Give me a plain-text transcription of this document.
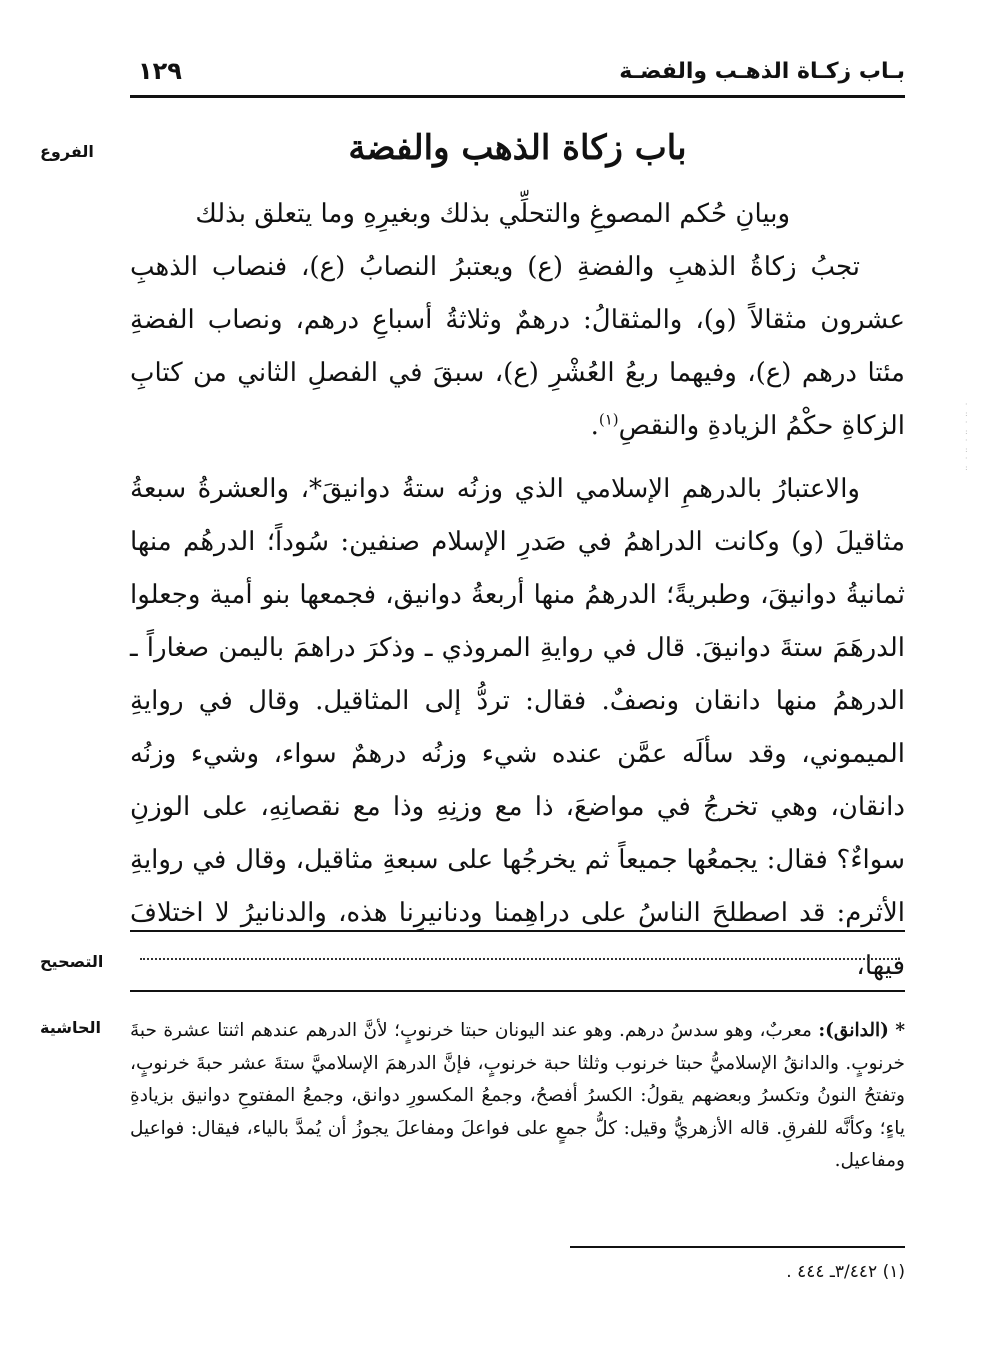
بـاب زكـاة الذهـب والفضـة
١٢٩
الفروع	باب زكاة الذهب والفضة

وبيانِ حُكم المصوغِ والتحلِّي بذلك وبغيرِهِ وما يتعلق بذلك

تجبُ زكاةُ الذهبِ والفضةِ (ع) ويعتبرُ النصابُ (ع)، فنصاب الذهبِ عشرون مثقالاً (و)، والمثقالُ: درهمٌ وثلاثةُ أسباعِ درهم، ونصاب الفضةِ مئتا درهم (ع)، وفيهما ربعُ العُشْرِ (ع)، سبقَ في الفصلِ الثاني من كتابِ الزكاةِ حكْمُ الزيادةِ والنقصِ$^{(١)}$.

والاعتبارُ بالدرهمِ الإسلامي الذي وزنُه ستةُ دوانيقَ*، والعشرةُ سبعةُ مثاقيلَ (و) وكانت الدراهمُ في صَدرِ الإسلام صنفين: سُوداً؛ الدرهُم منها ثمانيةُ دوانيقَ، وطبريةً؛ الدرهمُ منها أربعةُ دوانيق، فجمعها بنو أمية وجعلوا الدرهَمَ ستةَ دوانيقَ. قال في روايةِ المروذي ـ وذكرَ دراهمَ باليمن صغاراً ـ الدرهمُ منها دانقان ونصفٌ. فقال: تردُّ إلى المثاقيل. وقال في روايةِ الميموني، وقد سألَه عمَّن عنده شيء وزنُه درهمٌ سواء، وشيء وزنُه دانقان، وهي تخرجُ في مواضعَ، ذا مع وزنِهِ وذا مع نقصانِهِ، على الوزنِ سواءٌ؟ فقال: يجمعُها جميعاً ثم يخرجُها على سبعةِ مثاقيل، وقال في روايةِ الأثرم: قد اصطلحَ الناسُ على دراهِمنا ودنانيرِنا هذه، والدنانيرُ لا اختلافَ فيها،

التصحيح
الحاشية	* (الدانق): معربٌ، وهو سدسُ درهم. وهو عند اليونان حبتا خرنوبٍ؛ لأنَّ الدرهم عندهم اثنتا عشرة حبةَ خرنوبٍ. والدانقُ الإسلاميُّ حبتا خرنوب وثلثا حبة خرنوبٍ، فإنَّ الدرهمَ الإسلاميَّ ستةَ عشر حبةَ خرنوبٍ، وتفتحُ النونُ وتكسرُ وبعضهم يقولُ: الكسرُ أفصحُ، وجمعُ المكسورِ دوانق، وجمعُ المفتوحِ دوانيق بزيادةِ ياءٍ؛ وكأنَّه للفرقِ. قاله الأزهريُّ وقيل: كلُّ جمعٍ على فواعلَ ومفاعلَ يجوزُ أن يُمدَّ بالياء، فيقال: فواعيل ومفاعيل.

(١) ٣/٤٤٢ـ ٤٤٤ .
· : ·
: · :
· :
